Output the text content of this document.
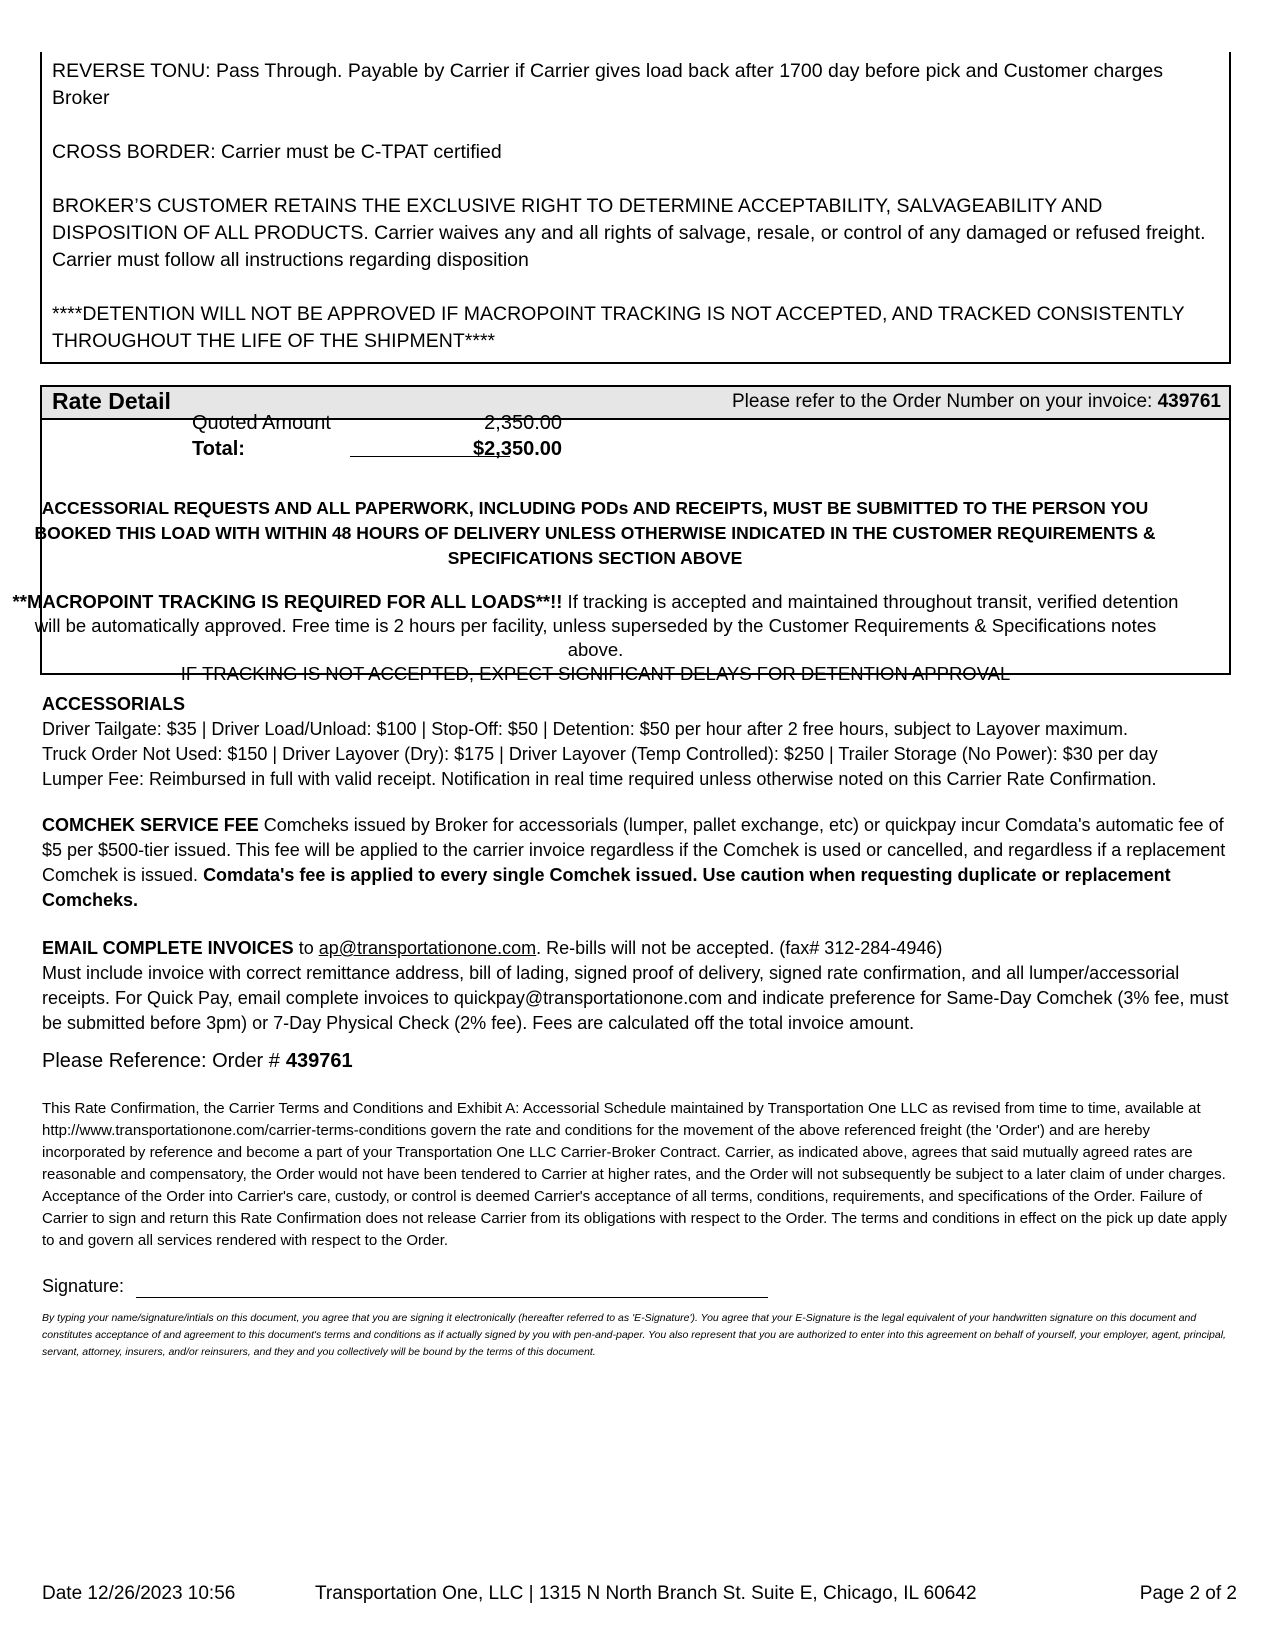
REVERSE TONU: Pass Through. Payable by Carrier if Carrier gives load back after 1700 day before pick and Customer charges Broker

CROSS BORDER: Carrier must be C-TPAT certified

BROKER’S CUSTOMER RETAINS THE EXCLUSIVE RIGHT TO DETERMINE ACCEPTABILITY, SALVAGEABILITY AND DISPOSITION OF ALL PRODUCTS. Carrier waives any and all rights of salvage, resale, or control of any damaged or refused freight. Carrier must follow all instructions regarding disposition

****DETENTION WILL NOT BE APPROVED IF MACROPOINT TRACKING IS NOT ACCEPTED, AND TRACKED CONSISTENTLY THROUGHOUT THE LIFE OF THE SHIPMENT****

Rate Detail	Please refer to the Order Number on your invoice: 439761
Quoted Amount	2,350.00
Total:	$2,350.00
ACCESSORIAL REQUESTS AND ALL PAPERWORK, INCLUDING PODs AND RECEIPTS, MUST BE SUBMITTED TO THE PERSON YOU BOOKED THIS LOAD WITH WITHIN 48 HOURS OF DELIVERY UNLESS OTHERWISE INDICATED IN THE CUSTOMER REQUIREMENTS & SPECIFICATIONS SECTION ABOVE
**MACROPOINT TRACKING IS REQUIRED FOR ALL LOADS**!! If tracking is accepted and maintained throughout transit, verified detention will be automatically approved. Free time is 2 hours per facility, unless superseded by the Customer Requirements & Specifications notes above.
IF TRACKING IS NOT ACCEPTED, EXPECT SIGNIFICANT DELAYS FOR DETENTION APPROVAL
ACCESSORIALS
Driver Tailgate: $35 | Driver Load/Unload: $100 | Stop-Off: $50 | Detention: $50 per hour after 2 free hours, subject to Layover maximum.
Truck Order Not Used: $150 | Driver Layover (Dry): $175 | Driver Layover (Temp Controlled): $250 | Trailer Storage (No Power): $30 per day
Lumper Fee: Reimbursed in full with valid receipt. Notification in real time required unless otherwise noted on this Carrier Rate Confirmation.
COMCHEK SERVICE FEE Comcheks issued by Broker for accessorials (lumper, pallet exchange, etc) or quickpay incur Comdata's automatic fee of $5 per $500-tier issued. This fee will be applied to the carrier invoice regardless if the Comchek is used or cancelled, and regardless if a replacement Comchek is issued. Comdata's fee is applied to every single Comchek issued. Use caution when requesting duplicate or replacement Comcheks.
EMAIL COMPLETE INVOICES to ap@transportationone.com. Re-bills will not be accepted. (fax# 312-284-4946)
Must include invoice with correct remittance address, bill of lading, signed proof of delivery, signed rate confirmation, and all lumper/accessorial receipts. For Quick Pay, email complete invoices to quickpay@transportationone.com and indicate preference for Same-Day Comchek (3% fee, must be submitted before 3pm) or 7-Day Physical Check (2% fee). Fees are calculated off the total invoice amount.
Please Reference: Order # 439761
This Rate Confirmation, the Carrier Terms and Conditions and Exhibit A: Accessorial Schedule maintained by Transportation One LLC as revised from time to time, available at http://www.transportationone.com/carrier-terms-conditions govern the rate and conditions for the movement of the above referenced freight (the 'Order') and are hereby incorporated by reference and become a part of your Transportation One LLC Carrier-Broker Contract. Carrier, as indicated above, agrees that said mutually agreed rates are reasonable and compensatory, the Order would not have been tendered to Carrier at higher rates, and the Order will not subsequently be subject to a later claim of under charges. Acceptance of the Order into Carrier's care, custody, or control is deemed Carrier's acceptance of all terms, conditions, requirements, and specifications of the Order. Failure of Carrier to sign and return this Rate Confirmation does not release Carrier from its obligations with respect to the Order. The terms and conditions in effect on the pick up date apply to and govern all services rendered with respect to the Order.
Signature:
By typing your name/signature/intials on this document, you agree that you are signing it electronically (hereafter referred to as 'E-Signature'). You agree that your E-Signature is the legal equivalent of your handwritten signature on this document and constitutes acceptance of and agreement to this document's terms and conditions as if actually signed by you with pen-and-paper. You also represent that you are authorized to enter into this agreement on behalf of yourself, your employer, agent, principal, servant, attorney, insurers, and/or reinsurers, and they and you collectively will be bound by the terms of this document.
Date 12/26/2023 10:56	Transportation One, LLC | 1315 N North Branch St. Suite E, Chicago, IL 60642	Page 2 of 2
